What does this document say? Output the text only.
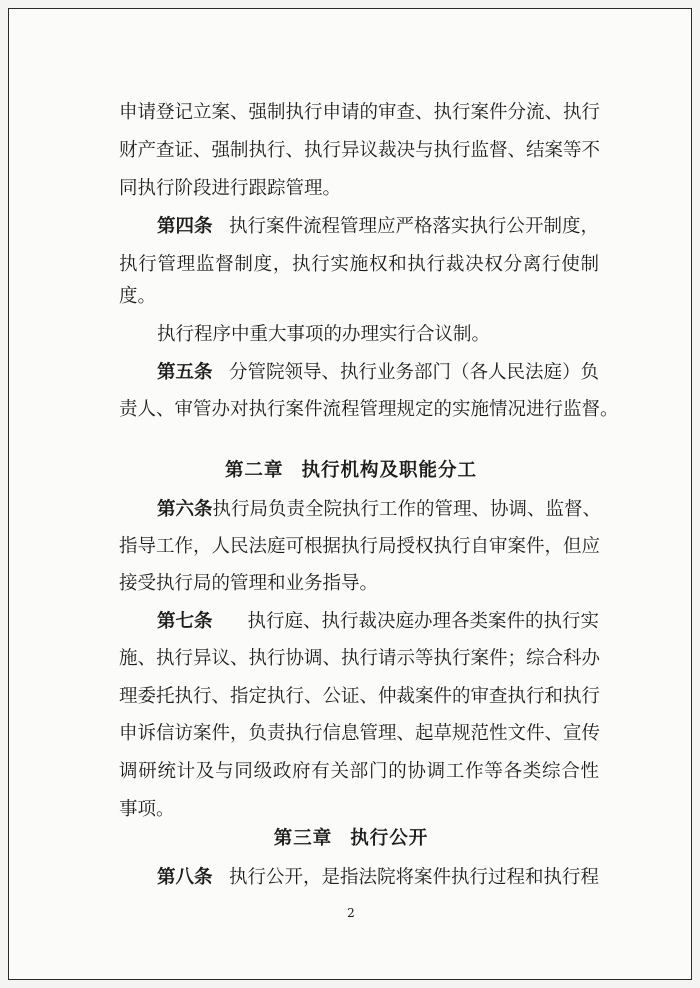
申请登记立案、强制执行申请的审查、执行案件分流、执行
财产查证、强制执行、执行异议裁决与执行监督、结案等不
同执行阶段进行跟踪管理。
第四条 执行案件流程管理应严格落实执行公开制度，
执行管理监督制度，执行实施权和执行裁决权分离行使制
度。
执行程序中重大事项的办理实行合议制。
第五条 分管院领导、执行业务部门（各人民法庭）负
责人、审管办对执行案件流程管理规定的实施情况进行监督。
第二章 执行机构及职能分工
第六条 执行局负责全院执行工作的管理、协调、监督、
指导工作，人民法庭可根据执行局授权执行自审案件，但应
接受执行局的管理和业务指导。
第七条 执行庭、执行裁决庭办理各类案件的执行实
施、执行异议、执行协调、执行请示等执行案件；综合科办
理委托执行、指定执行、公证、仲裁案件的审查执行和执行
申诉信访案件，负责执行信息管理、起草规范性文件、宣传
调研统计及与同级政府有关部门的协调工作等各类综合性
事项。
第三章 执行公开
第八条 执行公开，是指法院将案件执行过程和执行程
2
